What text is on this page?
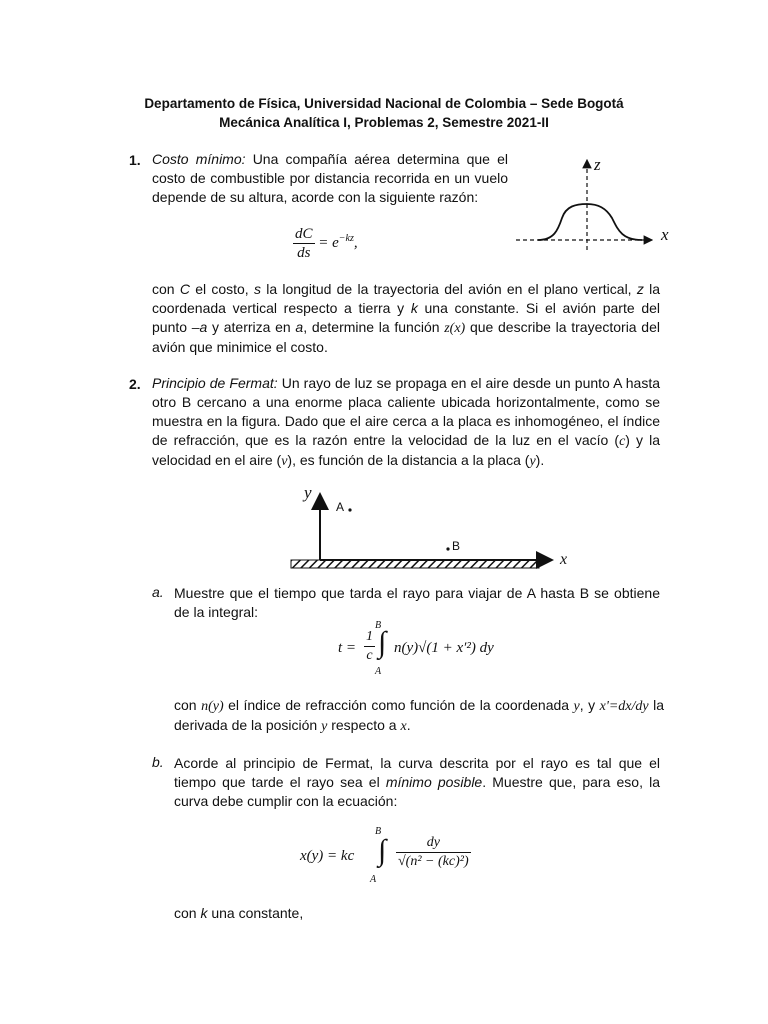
Departamento de Física, Universidad Nacional de Colombia – Sede Bogotá
Mecánica Analítica I, Problemas 2, Semestre 2021-II
1. Costo mínimo: Una compañía aérea determina que el costo de combustible por distancia recorrida en un vuelo depende de su altura, acorde con la siguiente razón:
z
x
$\frac{dC}{ds} = e^{-kz}$,
con C el costo, s la longitud de la trayectoria del avión en el plano vertical, z la coordenada vertical respecto a tierra y k una constante. Si el avión parte del punto –a y aterriza en a, determine la función z(x) que describe la trayectoria del avión que minimice el costo.
2. Principio de Fermat: Un rayo de luz se propaga en el aire desde un punto A hasta otro B cercano a una enorme placa caliente ubicada horizontalmente, como se muestra en la figura. Dado que el aire cerca a la placa es inhomogéneo, el índice de refracción, que es la razón entre la velocidad de la luz en el vacío (c) y la velocidad en el aire (v), es función de la distancia a la placa (y).
y
x
A
B
a. Muestre que el tiempo que tarda el rayo para viajar de A hasta B se obtiene de la integral:
$t = \frac{1}{c}$
B
∫
A
n(y)√(1 + x′²) dy
con n(y) el índice de refracción como función de la coordenada y, y x'=dx/dy la derivada de la posición y respecto a x.
b. Acorde al principio de Fermat, la curva descrita por el rayo es tal que el tiempo que tarde el rayo sea el mínimo posible. Muestre que, para eso, la curva debe cumplir con la ecuación:
x(y) = kc
B
∫
A
$\frac{dy}{\text{√(n² − (kc)²)}}$
con k una constante,
